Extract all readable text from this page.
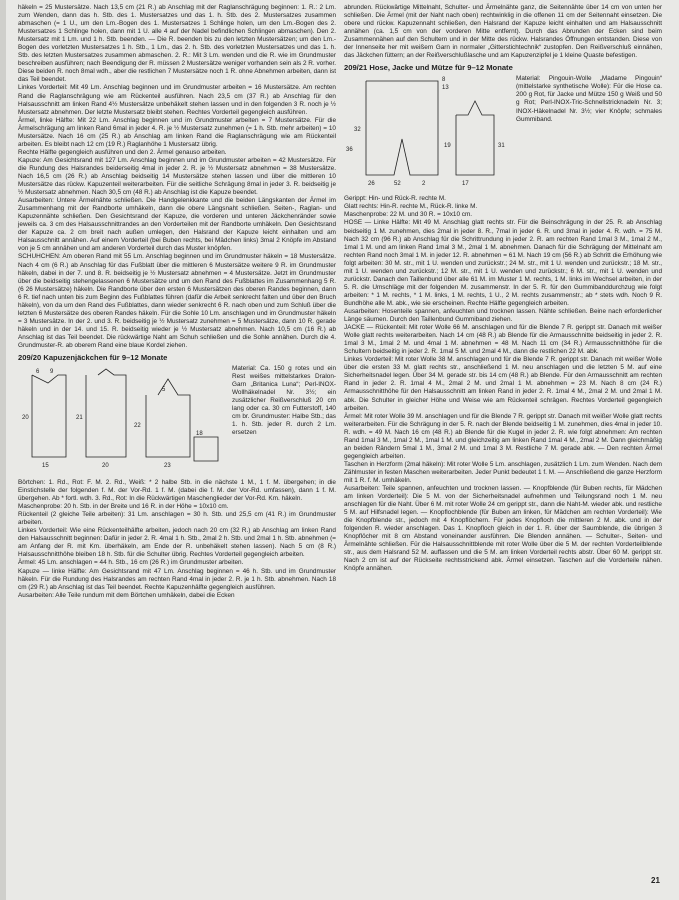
häkeln = 25 Mustersätze. Nach 13,5 cm (21 R.) ab Anschlag mit der Raglanschrägung beginnen: 1. R.: 2 Lm. zum Wenden, dann das h. Stb. des 1. Mustersatzes und das 1. h. Stb. des 2. Mustersatzes zusammen abmaschen (= 1 U., um den Lm.-Bogen des 1. Mustersatzes 1 Schlinge holen, um den Lm.-Bogen des 2. Mustersatzes 1 Schlinge holen, dann mit 1 U. alle 4 auf der Nadel befindlichen Schlingen abmaschen). Den 2. Mustersatz mit 1 Lm. und 1 h. Stb. beenden. — Die R. beenden bis zu den letzten Mustersätzen; um den Lm.-Bogen des vorletzten Mustersatzes 1 h. Stb., 1 Lm., das 2. h. Stb. des vorletzten Mustersatzes und das 1. h. Stb. des letzten Mustersatzes zusammen abmaschen. 2. R.: Mit 3 Lm. wenden und die R. wie im Grundmuster beschreiben ausführen; nach Beendigung der R. müssen 2 Mustersätze weniger vorhanden sein als 2 R. vorher. Diese beiden R. noch 8mal wdh., aber die restlichen 7 Mustersätze noch 1 R. ohne Abnehmen arbeiten, dann ist das Teil beendet.

Linkes Vorderteil: Mit 49 Lm. Anschlag beginnen und im Grundmuster arbeiten = 16 Mustersätze. Am rechten Rand die Raglanschrägung wie am Rückenteil ausführen. Nach 23,5 cm (37 R.) ab Anschlag für den Halsausschnitt am linken Rand 4½ Mustersätze unbehäkelt stehen lassen und in den folgenden 3 R. noch je ½ Mustersatz abnehmen. Der letzte Mustersatz bleibt stehen. Rechtes Vorderteil gegengleich ausführen.

Ärmel, linke Hälfte: Mit 22 Lm. Anschlag beginnen und im Grundmuster arbeiten = 7 Mustersätze. Für die Ärmelschrägung am linken Rand 6mal in jeder 4. R. je ½ Mustersatz zunehmen (= 1 h. Stb. mehr arbeiten) = 10 Mustersätze. Nach 16 cm (25 R.) ab Anschlag am linken Rand die Raglanschrägung wie am Rückenteil arbeiten. Es bleibt nach 12 cm (19 R.) Raglanhöhe 1 Mustersatz übrig.

Rechte Hälfte gegengleich ausführen und den 2. Ärmel genauso arbeiten.

Kapuze: Am Gesichtsrand mit 127 Lm. Anschlag beginnen und im Grundmuster arbeiten = 42 Mustersätze. Für die Rundung des Halsrandes beiderseitig 4mal in jeder 2. R. je ½ Mustersatz abnehmen = 38 Mustersätze. Nach 16,5 cm (26 R.) ab Anschlag beidseitig 14 Mustersätze stehen lassen und über die mittleren 10 Mustersätze das rückw. Kapuzenteil weiterarbeiten. Für die seitliche Schrägung 8mal in jeder 3. R. beidseitig je ½ Mustersatz abnehmen. Nach 30,5 cm (48 R.) ab Anschlag ist die Kapuze beendet.

Ausarbeiten: Untere Ärmelnähte schließen. Die Handgelenkkante und die beiden Längskanten der Ärmel im Zusammenhang mit der Randborte umhäkeln, dann die obere Längsnaht schließen. Seiten-, Raglan- und Kapuzennähte schließen. Den Gesichtsrand der Kapuze, die vorderen und unteren Jäckchenränder sowie jeweils ca. 3 cm des Halsausschnittrandes an den Vorderteilen mit der Randborte umhäkeln. Den Gesichtsrand der Kapuze ca. 2 cm breit nach außen umlegen, den Halsrand der Kapuze leicht einhalten und am Halsausschnitt annähen. Auf einem Vorderteil (bei Buben rechts, bei Mädchen links) 3mal 2 Knöpfe im Abstand von je 5 cm annähen und am anderen Vorderteil durch das Muster knöpfen.

SCHUHCHEN: Am oberen Rand mit 55 Lm. Anschlag beginnen und im Grundmuster häkeln = 18 Mustersätze. Nach 4 cm (6 R.) ab Anschlag für das Fußblatt über die mittleren 6 Mustersätze weitere 9 R. im Grundmuster häkeln, dabei in der 7. und 8. R. beidseitig je ½ Mustersatz abnehmen = 4 Mustersätze. Jetzt im Grundmuster über die beidseitig stehengelassenen 6 Mustersätze und um den Rand des Fußblattes im Zusammenhang 5 R. (6 26 Mustersätze) häkeln. Die Randborte über den ersten 6 Mustersätzen des oberen Randes beginnen, dann 6 R. tief nach unten bis zum Beginn des Fußblattes führen (dafür die Arbeit senkrecht falten und über den Bruch häkeln), von da um den Rand des Fußblattes, dann wieder senkrecht 6 R. nach oben und zum Schluß über die letzten 6 Mustersätze des oberen Randes häkeln. Für die Sohle 10 Lm. anschlagen und im Grundmuster häkeln = 3 Mustersätze. In der 2. und 3. R. beidseitig je ½ Mustersatz zunehmen = 5 Mustersätze, dann 10 R. gerade häkeln und in der 14. und 15. R. beidseitig wieder je ½ Mustersatz abnehmen. Nach 10,5 cm (16 R.) ab Anschlag ist das Teil beendet. Die rückwärtige Naht am Schuh schließen und die Sohle annähen. Durch die 4. Grundmuster-R. ab oberem Rand eine blaue Kordel ziehen.

209/20 Kapuzenjäckchen für 9–12 Monate
20
6 9
15	20
21
23
22
18
5
Material: Ca. 150 g rotes und ein Rest weißes mittelstarkes Dralon-Garn „Britanica Luna“; Perl-INOX-Wollhäkelnadel Nr. 3½; ein zusätzlicher Reißverschluß 20 cm lang oder ca. 30 cm Futterstoff, 140 cm br. Grundmuster: Halbe Stb.; das 1. h. Stb. jeder R. durch 2 Lm. ersetzen

Börtchen: 1. Rd., Rot: F. M. 2. Rd., Weiß: * 2 halbe Stb. in die nächste 1 M., 1 f. M. übergehen; in die Einstichstelle der folgenden f. M. der Vor-Rd. 1 f. M. (dabei die f. M. der Vor-Rd. umfassen), dann 1 f. M. übergehen. Ab * fortl. wdh. 3. Rd., Rot: In die Rückwärtigen Maschenglieder der Vor-Rd. Km. häkeln.

Maschenprobe: 20 h. Stb. in der Breite und 16 R. in der Höhe = 10x10 cm.

Rückenteil (2 gleiche Teile arbeiten): 31 Lm. anschlagen = 30 h. Stb. und 25,5 cm (41 R.) im Grundmuster arbeiten.

Linkes Vorderteil: Wie eine Rückenteilhälfte arbeiten, jedoch nach 20 cm (32 R.) ab Anschlag am linken Rand den Halsausschnitt beginnen: Dafür in jeder 2. R. 4mal 1 h. Stb., 2mal 2 h. Stb. und 2mal 1 h. Stb. abnehmen (= am Anfang der R. mit Km. überhäkeln, am Ende der R. unbehäkelt stehen lassen). Nach 5 cm (8 R.) Halsausschnitthöhe bleiben 18 h. Stb. für die Schulter übrig. Rechtes Vorderteil gegengleich arbeiten.

Ärmel: 45 Lm. anschlagen = 44 h. Stb., 16 cm (26 R.) im Grundmuster arbeiten.

Kapuze — linke Hälfte: Am Gesichtsrand mit 47 Lm. Anschlag beginnen = 46 h. Stb. und im Grundmuster häkeln. Für die Rundung des Halsrandes am rechten Rand 4mal in jeder 2. R. je 1 h. Stb. abnehmen. Nach 18 cm (29 R.) ab Anschlag ist das Teil beendet. Rechte Kapuzenhälfte gegengleich ausführen.

Ausarbeiten: Alle Teile rundum mit dem Börtchen umhäkeln, dabei die Ecken

abrunden. Rückwärtige Mittelnaht, Schulter- und Ärmelnähte ganz, die Seitennähte über 14 cm von unten her schließen. Die Ärmel (mit der Naht nach oben) rechtwinklig in die offenen 11 cm der Seitennaht einsetzen. Die obere und rückw. Kapuzennaht schließen, den Halsrand der Kapuze leicht einhalten und am Halsausschnitt annähen (ca. 1,5 cm von der vorderen Mitte entfernt). Durch das Abrunden der Ecken sind beim Zusammennähen auf den Schultern und in der Mitte des rückw. Halsrandes Öffnungen entstanden. Diese von der Innenseite her mit weißem Garn in normaler „Gitterstichtechnik“ zustopfen. Den Reißverschluß einnähen, das Jäckchen füttern; an der Reißverschlußlasche und am Kapuzenzipfel je 1 kleine Quaste befestigen.

209/21 Hose, Jacke und Mütze für 9–12 Monate
32
36
13
8
52
26	2	17
19	31
Material: Pingouin-Wolle „Madame Pingouin“ (mittelstarke synthetische Wolle): Für die Hose ca. 200 g Rot, für Jacke und Mütze 150 g Weiß und 50 g Rot; Perl-INOX-Tric-Schnellstricknadeln Nr. 3; INOX-Häkelnadel Nr. 3½; vier Knöpfe; schmales Gummiband.

Gerippt: Hin- und Rück-R. rechte M.

Glatt rechts: Hin-R. rechte M., Rück-R. linke M.

Maschenprobe: 22 M. und 30 R. = 10x10 cm.

HOSE — Linke Hälfte: Mit 49 M. Anschlag glatt rechts str. Für die Beinschrägung in der 25. R. ab Anschlag beidseitig 1 M. zunehmen, dies 2mal in jeder 8. R., 7mal in jeder 6. R. und 3mal in jeder 4. R. wdh. = 75 M. Nach 32 cm (96 R.) ab Anschlag für die Schrittrundung in jeder 2. R. am rechten Rand 1mal 3 M., 1mal 2 M., 1mal 1 M. und am linken Rand 1mal 3 M., 2mal 1 M. abnehmen. Danach für die Schrägung der Mittelnaht am rechten Rand noch 3mal 1 M. in jeder 12. R. abnehmen = 61 M. Nach 19 cm (56 R.) ab Schritt die Erhöhung wie folgt arbeiten: 30 M. str., mit 1 U. wenden und zurückstr.; 24 M. str., mit 1 U. wenden und zurückstr.; 18 M. str., mit 1 U. wenden und zurückstr.; 12 M. str., mit 1 U. wenden und zurückstr.; 6 M. str., mit 1 U. wenden und zurückstr. Danach den Taillenbund über alle 61 M. im Muster 1 M. rechts, 1 M. links im Wechsel arbeiten, in der 5. R. die Umschläge mit der folgenden M. zusammenstr. In der 5. R. für den Gummibanddurchzug wie folgt arbeiten: * 1 M. rechts, * 1 M. links, 1 M. rechts, 1 U., 2 M. rechts zusammenstr.; ab * stets wdh. Noch 9 R. Bundhöhe alle M. abk., wie sie erscheinen. Rechte Hälfte gegengleich arbeiten.

Ausarbeiten: Hosenteile spannen, anfeuchten und trocknen lassen. Nähte schließen. Beine nach erforderlicher Länge säumen. Durch den Taillenbund Gummiband ziehen.

JACKE — Rückenteil: Mit roter Wolle 66 M. anschlagen und für die Blende 7 R. gerippt str. Danach mit weißer Wolle glatt rechts weiterarbeiten. Nach 14 cm (48 R.) ab Blende für die Armausschnitte beidseitig in jeder 2. R. 1mal 3 M., 1mal 2 M. und 4mal 1 M. abnehmen = 48 M. Nach 11 cm (34 R.) Armausschnitthöhe für die Schultern beidseitig in jeder 2. R. 1mal 5 M. und 2mal 4 M., dann die restlichen 22 M. abk.

Linkes Vorderteil: Mit roter Wolle 38 M. anschlagen und für die Blende 7 R. gerippt str. Danach mit weißer Wolle über die ersten 33 M. glatt rechts str., anschließend 1 M. neu anschlagen und die letzten 5 M. auf eine Sicherheitsnadel legen. Über 34 M. gerade str. bis 14 cm (48 R.) ab Blende. Für den Armausschnitt am rechten Rand in jeder 2. R. 1mal 4 M., 2mal 2 M. und 2mal 1 M. abnehmen = 23 M. Nach 8 cm (24 R.) Armausschnitthöhe für den Halsausschnitt am linken Rand in jeder 2. R. 1mal 4 M., 2mal 2 M. und 2mal 1 M. abk. Die Schulter in gleicher Höhe und Weise wie am Rückenteil schrägen. Rechtes Vorderteil gegengleich arbeiten.

Ärmel: Mit roter Wolle 39 M. anschlagen und für die Blende 7 R. gerippt str. Danach mit weißer Wolle glatt rechts weiterarbeiten. Für die Schrägung in der 5. R. nach der Blende beidseitig 1 M. zunehmen, dies 4mal in jeder 10. R. wdh. = 49 M. Nach 16 cm (48 R.) ab Blende für die Kugel in jeder 2. R. wie folgt abnehmen: Am rechten Rand 1mal 3 M., 1mal 2 M., 1mal 1 M. und gleichzeitig am linken Rand 1mal 4 M., 2mal 2 M. Dann gleichmäßig an beiden Rändern 5mal 1 M., 3mal 2 M. und 1mal 3 M. Restliche 7 M. gerade abk. — Den rechten Ärmel gegengleich arbeiten.

Taschen in Herzform (2mal häkeln): Mit roter Wolle 5 Lm. anschlagen, zusätzlich 1 Lm. zum Wenden. Nach dem Zählmuster in festen Maschen weiterarbeiten. Jeder Punkt bedeutet 1 f. M. — Anschließend die ganze Herzform mit 1 R. f. M. umhäkeln.

Ausarbeiten: Teile spannen, anfeuchten und trocknen lassen. — Knopfblende (für Buben rechts, für Mädchen am linken Vorderteil): Die 5 M. von der Sicherheitsnadel aufnehmen und Teilungsrand noch 1 M. neu anschlagen für die Naht. Über 6 M. mit roter Wolle 24 cm gerippt str., dann die Naht-M. wieder abk. und restliche 5 M. auf Hilfsnadel legen. — Knopflochblende (für Buben am linken, für Mädchen am rechten Vorderteil): Wie die Knopfblende str., jedoch mit 4 Knopflöchern. Für jedes Knopfloch die mittleren 2 M. abk. und in der folgenden R. wieder anschlagen. Das 1. Knopfloch gleich in der 1. R. über der Saumblende, die übrigen 3 Knopflöcher mit 8 cm Abstand voneinander ausführen. Die Blenden annähen. — Schulter-, Seiten- und Ärmelnähte schließen. Für die Halsausschnittblende mit roter Wolle über die 5 M. der rechten Vorderteilblende str., aus dem Halsrand 52 M. auffassen und die 5 M. am linken Vorderteil rechts abstr. Über 60 M. gerippt str. Nach 2 cm ist auf der Rückseite rechtsstrickend abk. Ärmel einsetzen. Taschen auf die Vorderteile nähen. Knöpfe annähen.

21
